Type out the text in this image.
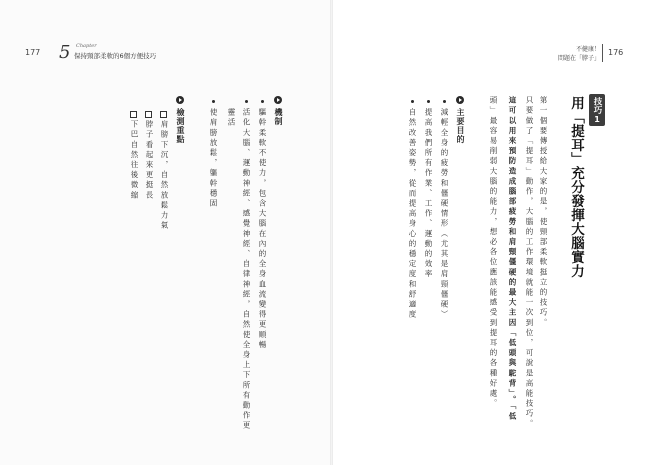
177 5 Chapter
保持頸部柔軟的6個方便技巧
不健康！
問題在「脖子」
176
技巧
1
用「提耳」充分發揮大腦實力
第一個要傳授給大家的是，使頸部柔軟挺立的技巧。
只要做了「提耳」動作，大腦的工作環境就能一次到位，可說是高能技巧。
這可以用來預防造成腦部疲勞和肩頸僵硬的最大主因「低頭與駝背」。「低
頭」最容易削弱大腦的能力，想必各位應該能感受到提耳的各種好處。
主要目的
減輕全身的疲勞和僵硬情形（尤其是肩頸僵硬）
提高我們所有作業、工作、運動的效率
自然改善姿勢，從而提高身心的穩定度和舒適度
機制
驅幹柔軟不使力，包含大腦在內的全身血流變得更順暢
活化大腦、運動神經、感覺神經、自律神經，自然使全身上下所有動作更
靈活
使肩膀放鬆，軀幹穩固
檢測重點
肩膀下沉，自然放鬆力氣
脖子看起來更挺長
下巴自然往後微縮
